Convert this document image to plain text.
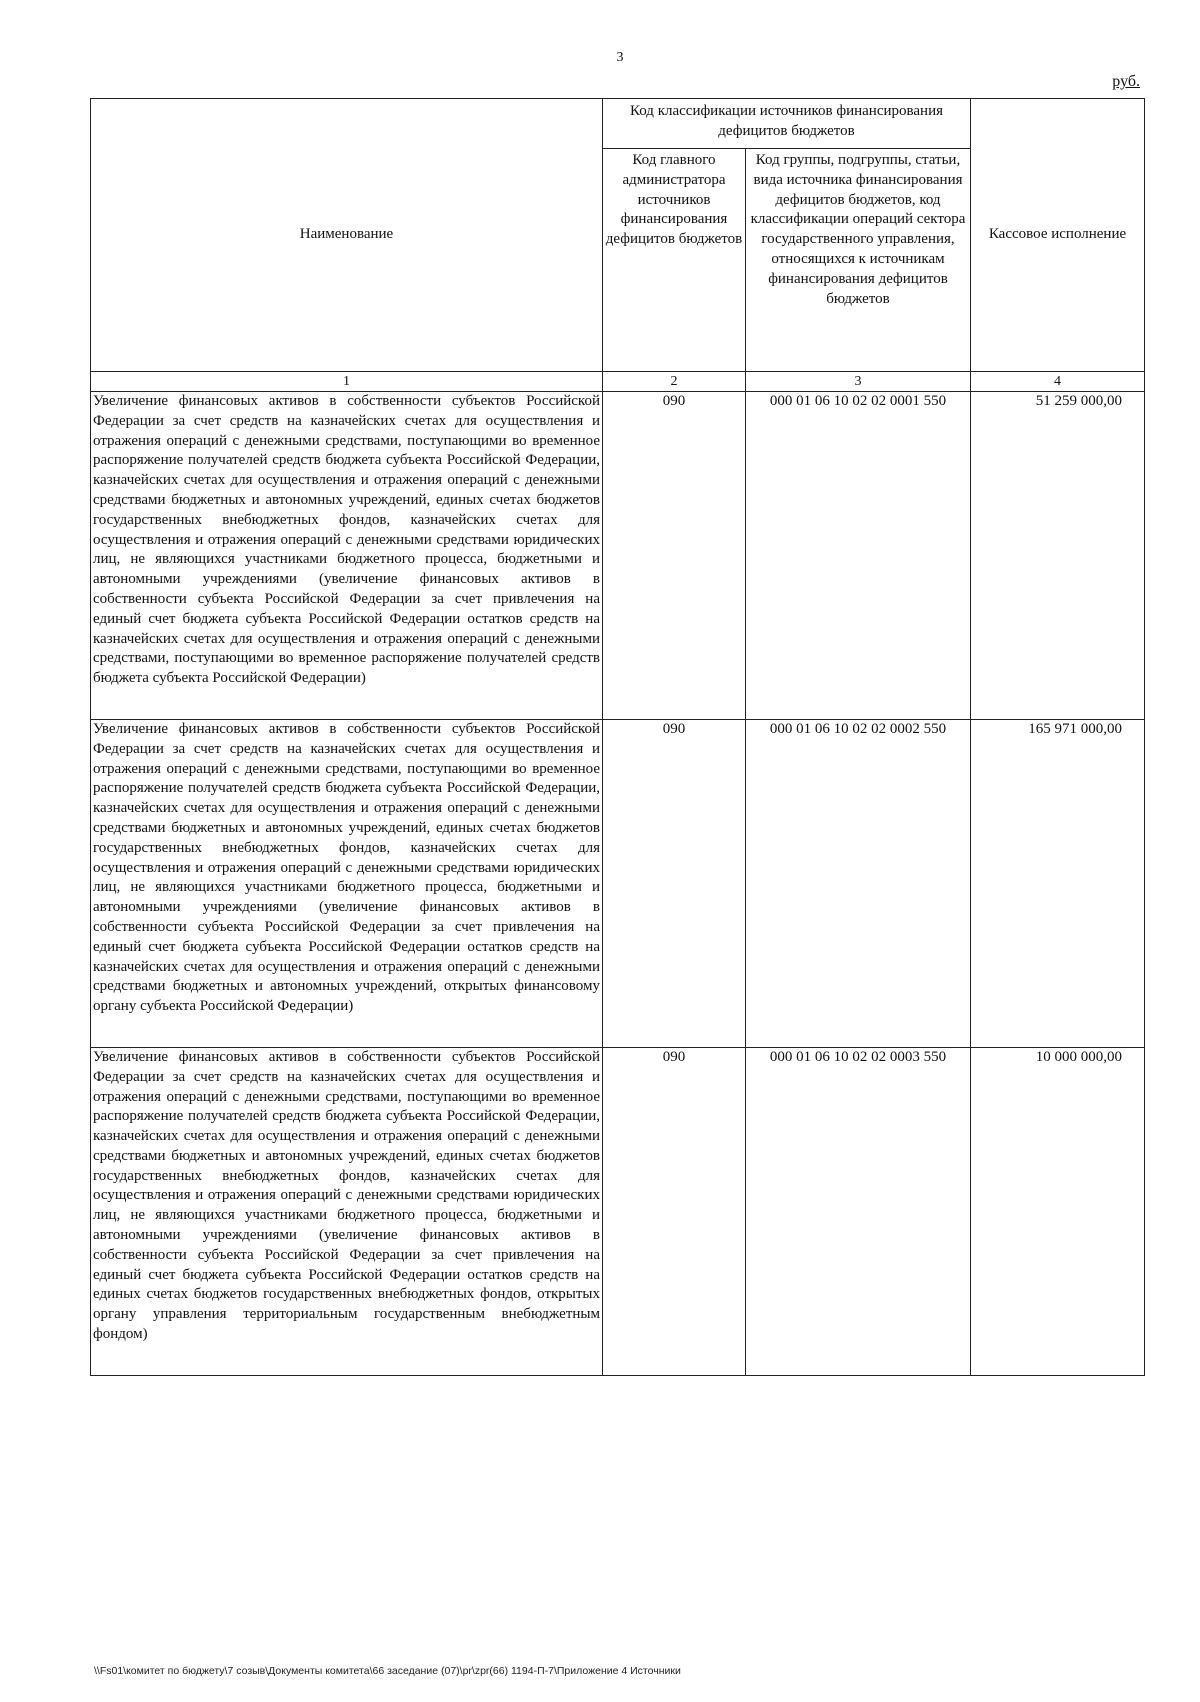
3
руб.
Наименование	Код классификации источников финансирования дефицитов бюджетов		Кассовое исполнение
	Код главного администратора источников финансирования дефицитов бюджетов	Код группы, подгруппы, статьи, вида источника финансирования дефицитов бюджетов, код классификации операций сектора государственного управления, относящихся к источникам финансирования дефицитов бюджетов	
1	2	3	4
Увеличение финансовых активов в собственности субъектов Российской Федерации за счет средств на казначейских счетах для осуществления и отражения операций с денежными средствами, поступающими во временное распоряжение получателей средств бюджета субъекта Российской Федерации, казначейских счетах для осуществления и отражения операций с денежными средствами бюджетных и автономных учреждений, единых счетах бюджетов государственных внебюджетных фондов, казначейских счетах для осуществления и отражения операций с денежными средствами юридических лиц, не являющихся участниками бюджетного процесса, бюджетными и автономными учреждениями (увеличение финансовых активов в собственности субъекта Российской Федерации за счет привлечения на единый счет бюджета субъекта Российской Федерации остатков средств на казначейских счетах для осуществления и отражения операций с денежными средствами, поступающими во временное распоряжение получателей средств бюджета субъекта Российской Федерации)	090	000 01 06 10 02 02 0001 550	51 259 000,00
Увеличение финансовых активов в собственности субъектов Российской Федерации за счет средств на казначейских счетах для осуществления и отражения операций с денежными средствами, поступающими во временное распоряжение получателей средств бюджета субъекта Российской Федерации, казначейских счетах для осуществления и отражения операций с денежными средствами бюджетных и автономных учреждений, единых счетах бюджетов государственных внебюджетных фондов, казначейских счетах для осуществления и отражения операций с денежными средствами юридических лиц, не являющихся участниками бюджетного процесса, бюджетными и автономными учреждениями (увеличение финансовых активов в собственности субъекта Российской Федерации за счет привлечения на единый счет бюджета субъекта Российской Федерации остатков средств на казначейских счетах для осуществления и отражения операций с денежными средствами бюджетных и автономных учреждений, открытых финансовому органу субъекта Российской Федерации)	090	000 01 06 10 02 02 0002 550	165 971 000,00
Увеличение финансовых активов в собственности субъектов Российской Федерации за счет средств на казначейских счетах для осуществления и отражения операций с денежными средствами, поступающими во временное распоряжение получателей средств бюджета субъекта Российской Федерации, казначейских счетах для осуществления и отражения операций с денежными средствами бюджетных и автономных учреждений, единых счетах бюджетов государственных внебюджетных фондов, казначейских счетах для осуществления и отражения операций с денежными средствами юридических лиц, не являющихся участниками бюджетного процесса, бюджетными и автономными учреждениями (увеличение финансовых активов в собственности субъекта Российской Федерации за счет привлечения на единый счет бюджета субъекта Российской Федерации остатков средств на единых счетах бюджетов государственных внебюджетных фондов, открытых органу управления территориальным государственным внебюджетным фондом)	090	000 01 06 10 02 02 0003 550	10 000 000,00
\\Fs01\комитет по бюджету\7 созыв\Документы комитета\66 заседание (07)\pr\zpr(66) 1194-П-7\Приложение 4 Источники
